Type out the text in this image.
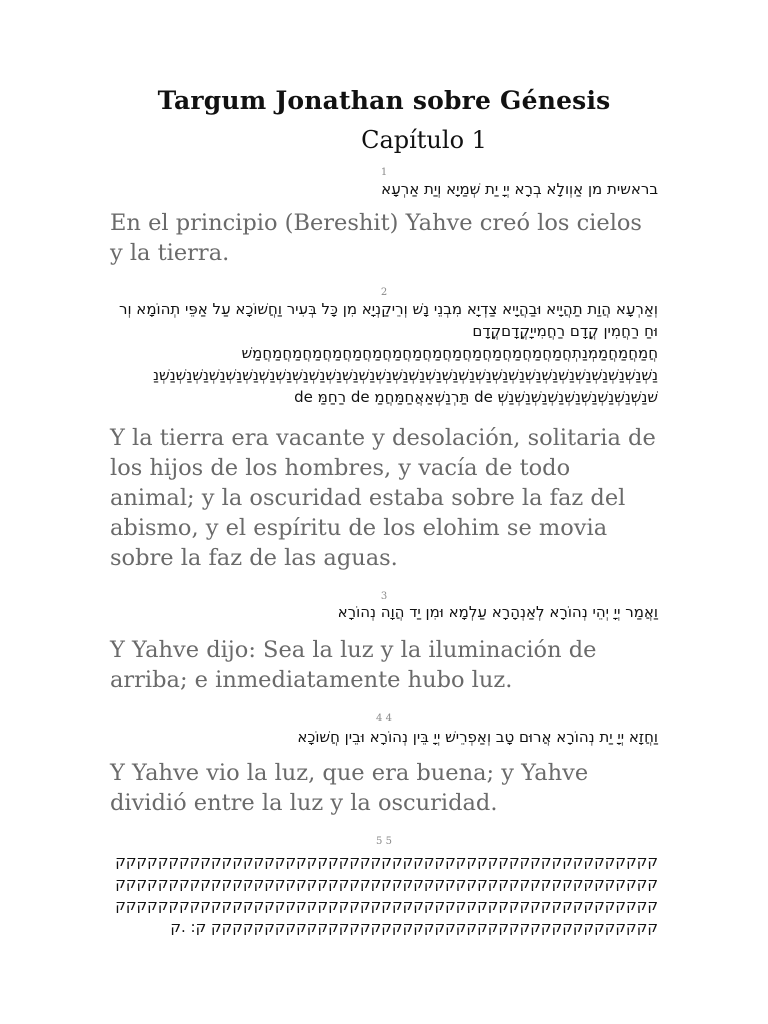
Targum Jonathan sobre Génesis
Capítulo 1
1
בראשית מן אַוְולָא בְרָא יְיָ יַת שְׁמַיָא וְיַת אַרְעָא
En el principio (Bereshit) Yahve creó los cielos y la tierra.
2
וְאַרְעָא הֲוַת תַהֲיָיא וּבַהֲיָיא צַדְיָא מִבְנֵי נָשׁ וְרֵיקַנְיָא מִן כָּל בְּעִיר וַחֲשׁוֹכָא עַל אַפֵּי תְהוֹמָא וְרוּחַ רַחֲמִין קֳדָם רַחֲמִייָקֳדָםקֳדָםחֲמַחֲמַחֲמַמְנַתְחֲמַחֲמַחֲמַחֲמַחֲמַחֲמַחֲמַחֲמַחֲמַחֲמַחֲמַחֲמַחֲמַחֲמַחֲמַחֲמַשׁ נַשְׁנַשְׁנַשְׁנַשְׁנַשְׁנַשְׁנַשְׁנַשְׁנַשְׁנַשְׁנַשְׁנַשְׁנַשְׁנַשְׁנַשְׁנַשְׁנַשְׁנַשְׁנַשְׁנַשְׁנַשְׁנַשְׁנַשְׁנַשְׁנַשְׁנַשְׁנַשְׁנַשְׁנַשְׁנַשְׁנַ שׁנַשְׁנַשְׁנַשְׁנַשְׁנַשְׁנַשְׁנַשְׁנַשְׁנַשְׁ de תַּרְנַשְׁאַאֲחַמַּחֲמַ de רַחַמַּ de
Y la tierra era vacante y desolación, solitaria de los hijos de los hombres, y vacía de todo animal; y la oscuridad estaba sobre la faz del abismo, y el espíritu de los elohim se movia sobre la faz de las aguas.
3
וַאֲמַר יְיָ יְהֵי נְהוֹרָא לְאַנְהָרָא עַלְמָא וּמִן יַד הֲוָה נְהוֹרָא
Y Yahve dijo: Sea la luz y la iluminación de arriba; e inmediatamente hubo luz.
4 4
וַחֲזָא יְיָ יַת נְהוֹרָא אֲרוּם טָב וְאַפְרֵישׁ יְיָ בֵּין נְהוֹרָא וּבֵין חֲשׁוֹכָא
Y Yahve vio la luz, que era buena; y Yahve dividió entre la luz y la oscuridad.
5 5
קקקקקקקקקקקקקקקקקקקקקקקקקקקקקקקקקקקקקקקקקקקקקקקקקקקקקקקקקקקקקקקקקקקקקקקקקקקקקקקקקקקקקקקקקקקקקקקקקקקקקקקקקקקקקקקקקקקקקקקקקקקקקקקקקקקקקקקקקקקקקקקקקקקקקקקקקקקקקקקקקקקקקקקקקקקקקקקקקקקקקקקקקקקקקקקקקקק ק: .ק
